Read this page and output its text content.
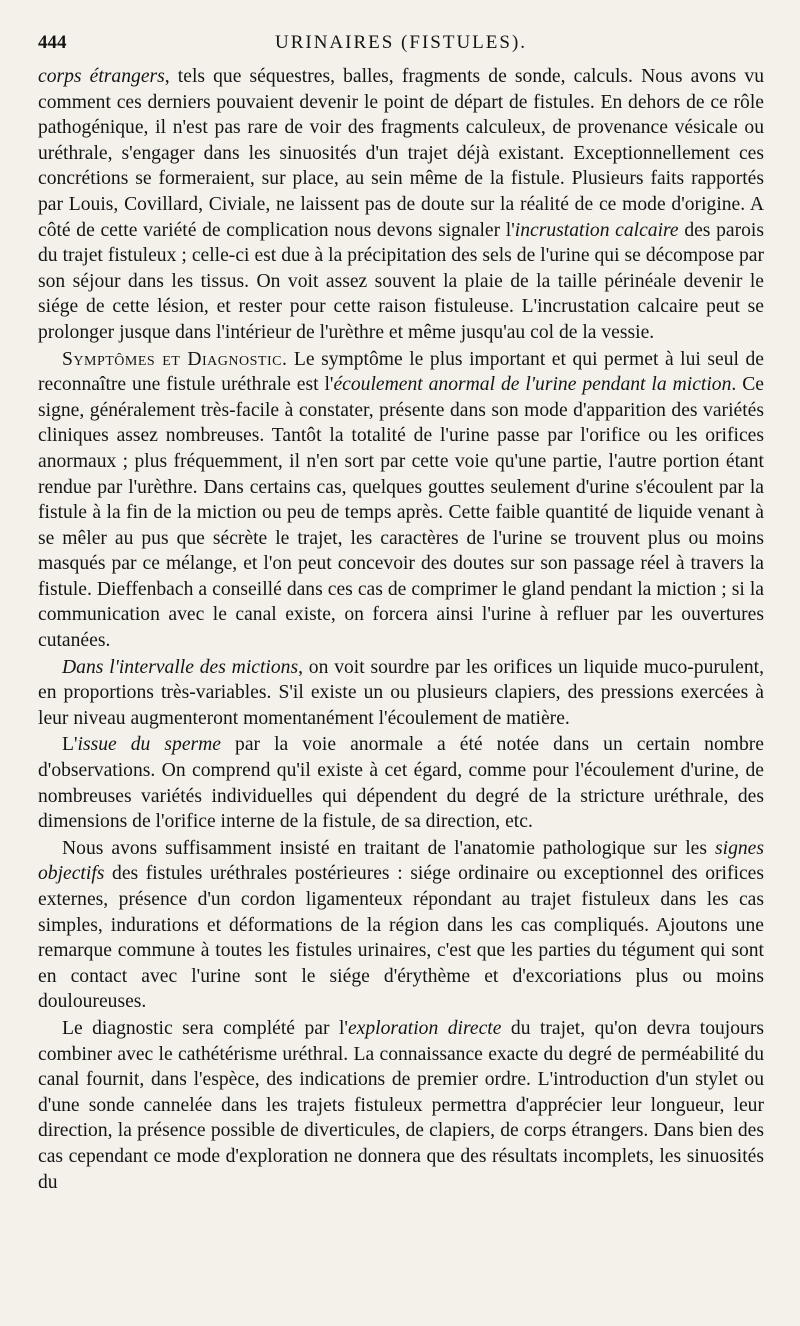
444	URINAIRES (FISTULES).

corps étrangers, tels que séquestres, balles, fragments de sonde, calculs. Nous avons vu comment ces derniers pouvaient devenir le point de départ de fistules. En dehors de ce rôle pathogénique, il n'est pas rare de voir des fragments calculeux, de provenance vésicale ou uréthrale, s'engager dans les sinuosités d'un trajet déjà existant. Exceptionnellement ces concrétions se formeraient, sur place, au sein même de la fistule. Plusieurs faits rapportés par Louis, Covillard, Civiale, ne laissent pas de doute sur la réalité de ce mode d'origine. A côté de cette variété de complication nous devons signaler l'incrustation calcaire des parois du trajet fistuleux ; celle-ci est due à la précipitation des sels de l'urine qui se décompose par son séjour dans les tissus. On voit assez souvent la plaie de la taille périnéale devenir le siége de cette lésion, et rester pour cette raison fistuleuse. L'incrustation calcaire peut se prolonger jusque dans l'intérieur de l'urèthre et même jusqu'au col de la vessie.

Symptômes et Diagnostic. Le symptôme le plus important et qui permet à lui seul de reconnaître une fistule uréthrale est l'écoulement anormal de l'urine pendant la miction. Ce signe, généralement très-facile à constater, présente dans son mode d'apparition des variétés cliniques assez nombreuses. Tantôt la totalité de l'urine passe par l'orifice ou les orifices anormaux ; plus fréquemment, il n'en sort par cette voie qu'une partie, l'autre portion étant rendue par l'urèthre. Dans certains cas, quelques gouttes seulement d'urine s'écoulent par la fistule à la fin de la miction ou peu de temps après. Cette faible quantité de liquide venant à se mêler au pus que sécrète le trajet, les caractères de l'urine se trouvent plus ou moins masqués par ce mélange, et l'on peut concevoir des doutes sur son passage réel à travers la fistule. Dieffenbach a conseillé dans ces cas de comprimer le gland pendant la miction ; si la communication avec le canal existe, on forcera ainsi l'urine à refluer par les ouvertures cutanées.

Dans l'intervalle des mictions, on voit sourdre par les orifices un liquide muco-purulent, en proportions très-variables. S'il existe un ou plusieurs clapiers, des pressions exercées à leur niveau augmenteront momentanément l'écoulement de matière.

L'issue du sperme par la voie anormale a été notée dans un certain nombre d'observations. On comprend qu'il existe à cet égard, comme pour l'écoulement d'urine, de nombreuses variétés individuelles qui dépendent du degré de la stricture uréthrale, des dimensions de l'orifice interne de la fistule, de sa direction, etc.

Nous avons suffisamment insisté en traitant de l'anatomie pathologique sur les signes objectifs des fistules uréthrales postérieures : siége ordinaire ou exceptionnel des orifices externes, présence d'un cordon ligamenteux répondant au trajet fistuleux dans les cas simples, indurations et déformations de la région dans les cas compliqués. Ajoutons une remarque commune à toutes les fistules urinaires, c'est que les parties du tégument qui sont en contact avec l'urine sont le siége d'érythème et d'excoriations plus ou moins douloureuses.

Le diagnostic sera complété par l'exploration directe du trajet, qu'on devra toujours combiner avec le cathétérisme uréthral. La connaissance exacte du degré de perméabilité du canal fournit, dans l'espèce, des indications de premier ordre. L'introduction d'un stylet ou d'une sonde cannelée dans les trajets fistuleux permettra d'apprécier leur longueur, leur direction, la présence possible de diverticules, de clapiers, de corps étrangers. Dans bien des cas cependant ce mode d'exploration ne donnera que des résultats incomplets, les sinuosités du
